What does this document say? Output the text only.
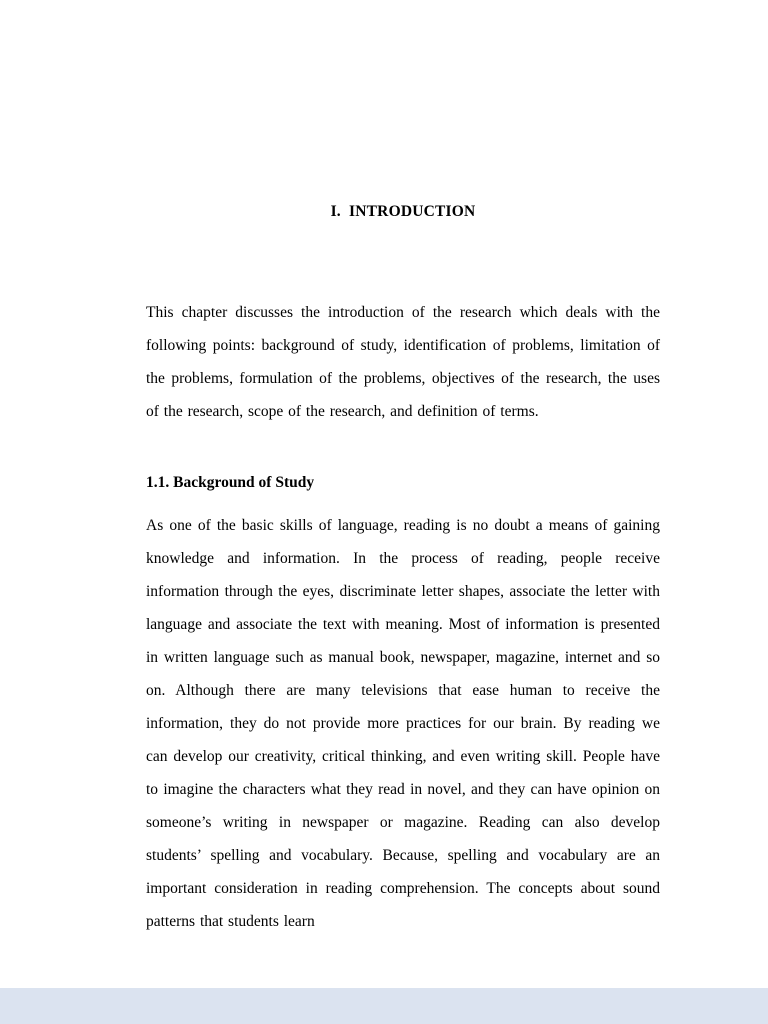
I.  INTRODUCTION

This chapter discusses the introduction of the research which deals with the following points: background of study, identification of problems, limitation of the problems, formulation of the problems, objectives of the research, the uses of the research, scope of the research, and definition of terms.

1.1. Background of Study

As one of the basic skills of language, reading is no doubt a means of gaining knowledge and information. In the process of reading, people receive information through the eyes, discriminate letter shapes, associate the letter with language and associate the text with meaning. Most of information is presented in written language such as manual book, newspaper, magazine, internet and so on. Although there are many televisions that ease human to receive the information, they do not provide more practices for our brain. By reading we can develop our creativity, critical thinking, and even writing skill. People have to imagine the characters what they read in novel, and they can have opinion on someone’s writing in newspaper or magazine. Reading can also develop students’ spelling and vocabulary. Because, spelling and vocabulary are an important consideration in reading comprehension. The concepts about sound patterns that students learn
